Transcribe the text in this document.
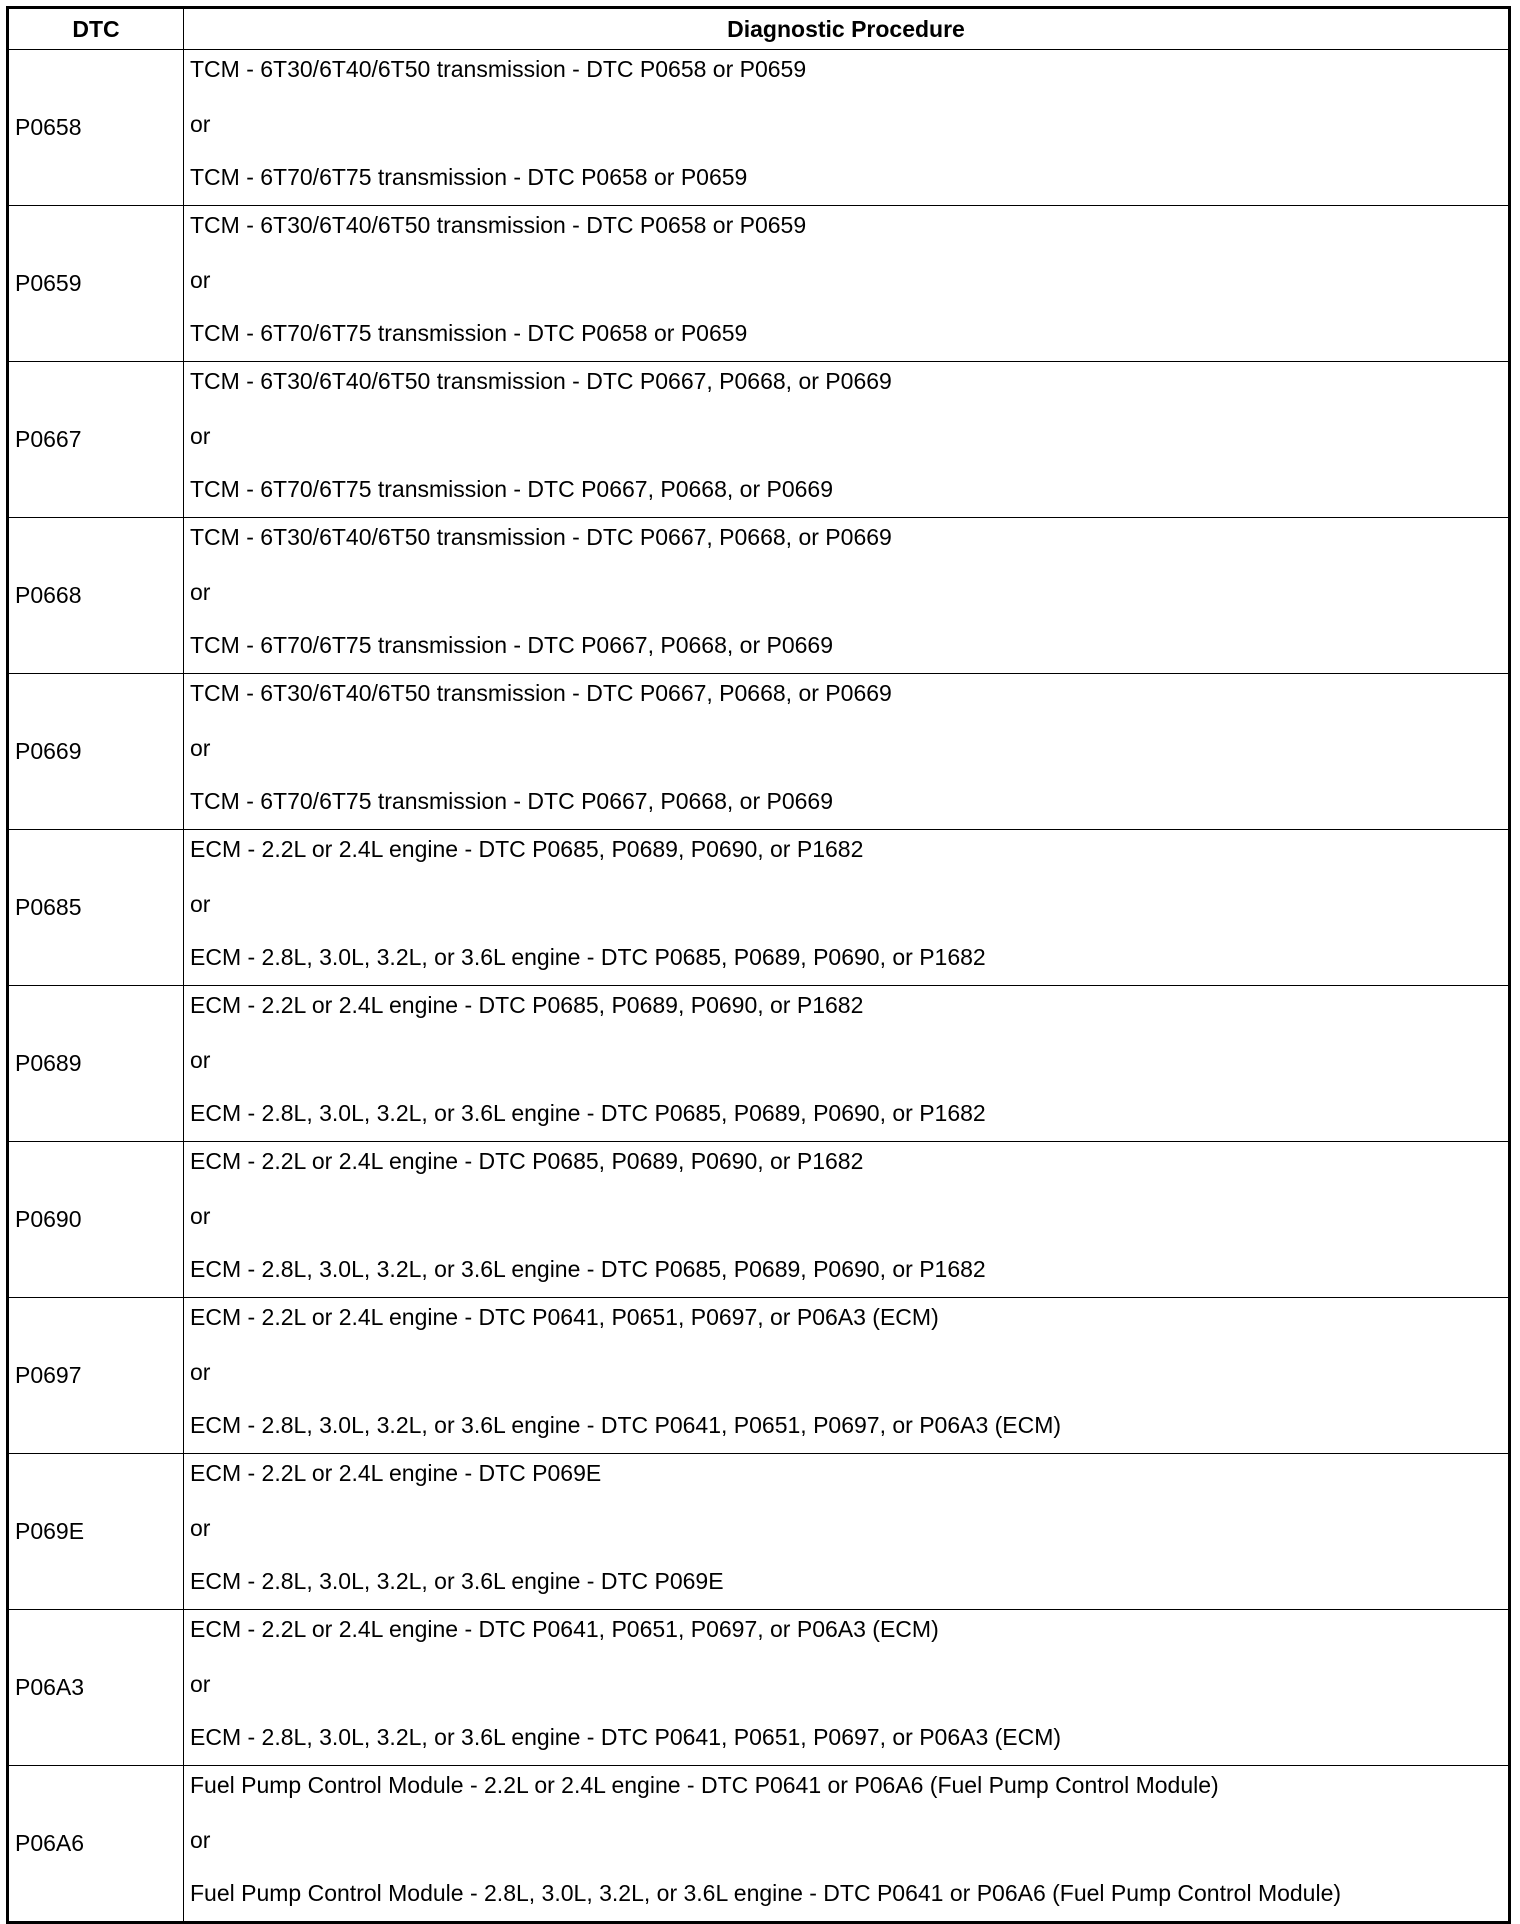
DTC	Diagnostic Procedure
P0658	TCM - 6T30/6T40/6T50 transmission - DTC P0658 or P0659
or
TCM - 6T70/6T75 transmission - DTC P0658 or P0659

P0659	TCM - 6T30/6T40/6T50 transmission - DTC P0658 or P0659
or
TCM - 6T70/6T75 transmission - DTC P0658 or P0659

P0667	TCM - 6T30/6T40/6T50 transmission - DTC P0667, P0668, or P0669
or
TCM - 6T70/6T75 transmission - DTC P0667, P0668, or P0669

P0668	TCM - 6T30/6T40/6T50 transmission - DTC P0667, P0668, or P0669
or
TCM - 6T70/6T75 transmission - DTC P0667, P0668, or P0669

P0669	TCM - 6T30/6T40/6T50 transmission - DTC P0667, P0668, or P0669
or
TCM - 6T70/6T75 transmission - DTC P0667, P0668, or P0669

P0685	ECM - 2.2L or 2.4L engine - DTC P0685, P0689, P0690, or P1682
or
ECM - 2.8L, 3.0L, 3.2L, or 3.6L engine - DTC P0685, P0689, P0690, or P1682

P0689	ECM - 2.2L or 2.4L engine - DTC P0685, P0689, P0690, or P1682
or
ECM - 2.8L, 3.0L, 3.2L, or 3.6L engine - DTC P0685, P0689, P0690, or P1682

P0690	ECM - 2.2L or 2.4L engine - DTC P0685, P0689, P0690, or P1682
or
ECM - 2.8L, 3.0L, 3.2L, or 3.6L engine - DTC P0685, P0689, P0690, or P1682

P0697	ECM - 2.2L or 2.4L engine - DTC P0641, P0651, P0697, or P06A3 (ECM)
or
ECM - 2.8L, 3.0L, 3.2L, or 3.6L engine - DTC P0641, P0651, P0697, or P06A3 (ECM)

P069E	ECM - 2.2L or 2.4L engine - DTC P069E
or
ECM - 2.8L, 3.0L, 3.2L, or 3.6L engine - DTC P069E

P06A3	ECM - 2.2L or 2.4L engine - DTC P0641, P0651, P0697, or P06A3 (ECM)
or
ECM - 2.8L, 3.0L, 3.2L, or 3.6L engine - DTC P0641, P0651, P0697, or P06A3 (ECM)

P06A6	Fuel Pump Control Module - 2.2L or 2.4L engine - DTC P0641 or P06A6 (Fuel Pump Control Module)
or
Fuel Pump Control Module - 2.8L, 3.0L, 3.2L, or 3.6L engine - DTC P0641 or P06A6 (Fuel Pump Control Module)
